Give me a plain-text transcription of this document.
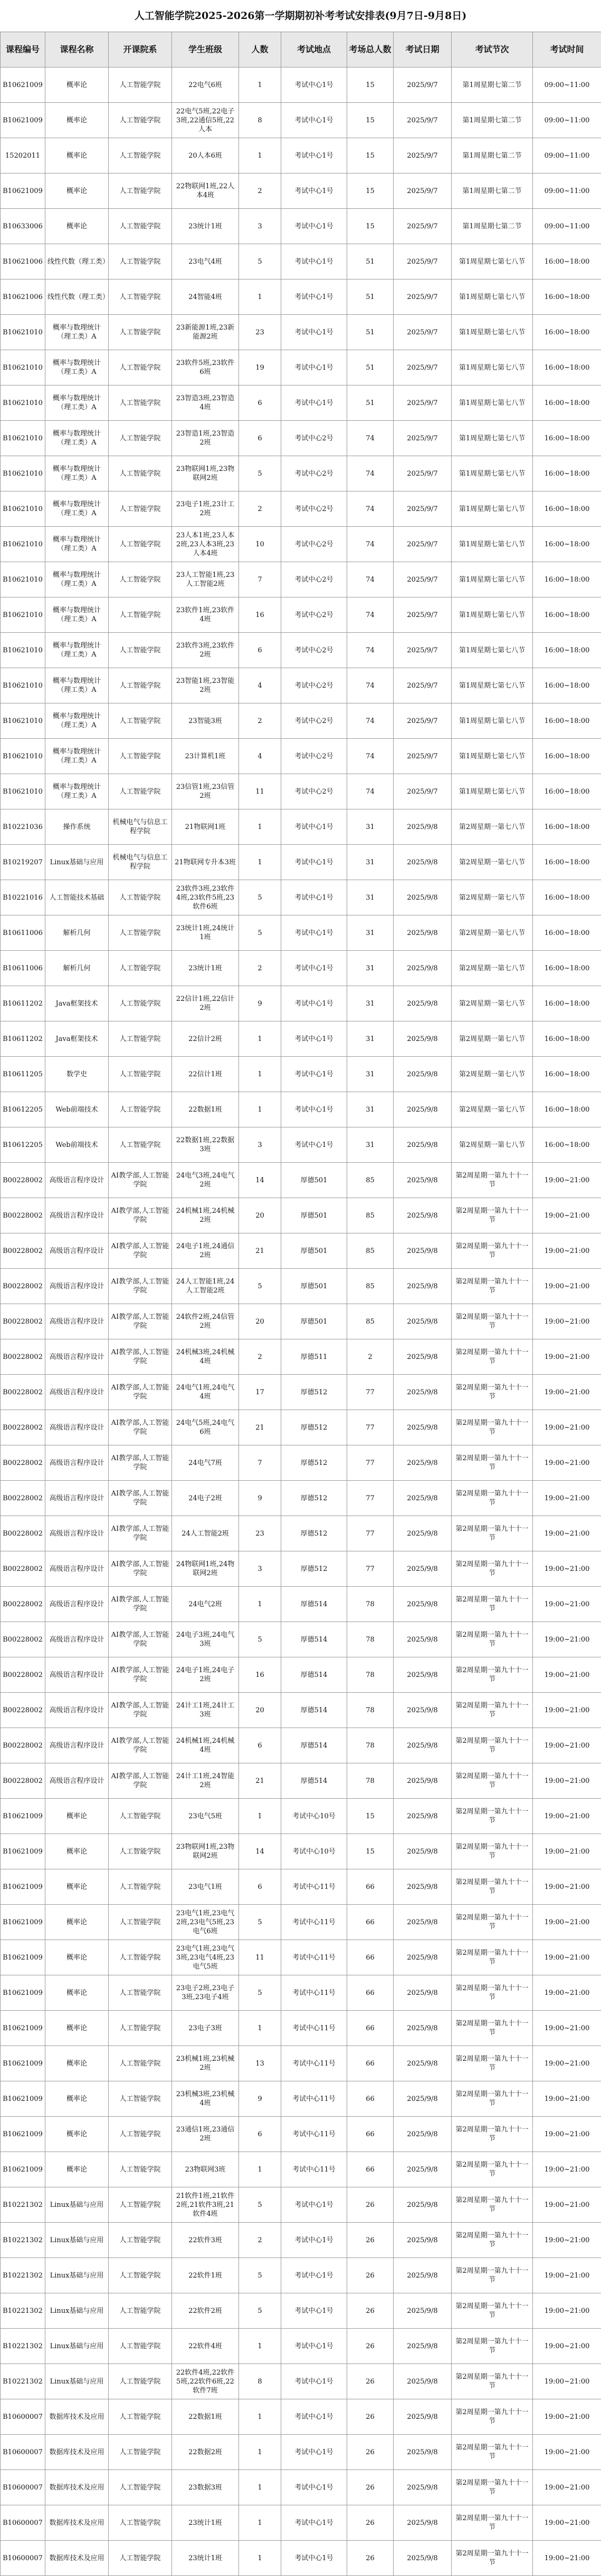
人工智能学院2025-2026第一学期期初补考考试安排表(9月7日-9月8日)
课程编号	课程名称	开课院系	学生班级	人数	考试地点	考场总人数	考试日期	考试节次	考试时间
B10621009	概率论	人工智能学院	22电气6班	1	考试中心1号	15	2025/9/7	第1周星期七第二节	09:00~11:00
B10621009	概率论	人工智能学院	22电气5班,22电子3班,22通信5班,22人本	8	考试中心1号	15	2025/9/7	第1周星期七第二节	09:00~11:00
15202011	概率论	人工智能学院	20人本6班	1	考试中心1号	15	2025/9/7	第1周星期七第二节	09:00~11:00
B10621009	概率论	人工智能学院	22物联网1班,22人本4班	2	考试中心1号	15	2025/9/7	第1周星期七第二节	09:00~11:00
B10633006	概率论	人工智能学院	23统计1班	3	考试中心1号	15	2025/9/7	第1周星期七第二节	09:00~11:00
B10621006	线性代数（理工类）	人工智能学院	23电气4班	5	考试中心1号	51	2025/9/7	第1周星期七第七八节	16:00~18:00
B10621006	线性代数（理工类）	人工智能学院	24智能4班	1	考试中心1号	51	2025/9/7	第1周星期七第七八节	16:00~18:00
B10621010	概率与数理统计（理工类）A	人工智能学院	23新能源1班,23新能源2班	23	考试中心1号	51	2025/9/7	第1周星期七第七八节	16:00~18:00
B10621010	概率与数理统计（理工类）A	人工智能学院	23软件5班,23软件6班	19	考试中心1号	51	2025/9/7	第1周星期七第七八节	16:00~18:00
B10621010	概率与数理统计（理工类）A	人工智能学院	23智造3班,23智造4班	6	考试中心1号	51	2025/9/7	第1周星期七第七八节	16:00~18:00
B10621010	概率与数理统计（理工类）A	人工智能学院	23智造1班,23智造2班	6	考试中心2号	74	2025/9/7	第1周星期七第七八节	16:00~18:00
B10621010	概率与数理统计（理工类）A	人工智能学院	23物联网1班,23物联网2班	5	考试中心2号	74	2025/9/7	第1周星期七第七八节	16:00~18:00
B10621010	概率与数理统计（理工类）A	人工智能学院	23电子1班,23计工2班	2	考试中心2号	74	2025/9/7	第1周星期七第七八节	16:00~18:00
B10621010	概率与数理统计（理工类）A	人工智能学院	23人本1班,23人本2班,23人本3班,23人本4班	10	考试中心2号	74	2025/9/7	第1周星期七第七八节	16:00~18:00
B10621010	概率与数理统计（理工类）A	人工智能学院	23人工智能1班,23人工智能2班	7	考试中心2号	74	2025/9/7	第1周星期七第七八节	16:00~18:00
B10621010	概率与数理统计（理工类）A	人工智能学院	23软件1班,23软件4班	16	考试中心2号	74	2025/9/7	第1周星期七第七八节	16:00~18:00
B10621010	概率与数理统计（理工类）A	人工智能学院	23软件3班,23软件2班	6	考试中心2号	74	2025/9/7	第1周星期七第七八节	16:00~18:00
B10621010	概率与数理统计（理工类）A	人工智能学院	23智能1班,23智能2班	4	考试中心2号	74	2025/9/7	第1周星期七第七八节	16:00~18:00
B10621010	概率与数理统计（理工类）A	人工智能学院	23智能3班	2	考试中心2号	74	2025/9/7	第1周星期七第七八节	16:00~18:00
B10621010	概率与数理统计（理工类）A	人工智能学院	23计算机1班	4	考试中心2号	74	2025/9/7	第1周星期七第七八节	16:00~18:00
B10621010	概率与数理统计（理工类）A	人工智能学院	23信管1班,23信管2班	11	考试中心2号	74	2025/9/7	第1周星期七第七八节	16:00~18:00
B10221036	操作系统	机械电气与信息工程学院	21物联网1班	1	考试中心1号	31	2025/9/8	第2周星期一第七八节	16:00~18:00
B10219207	Linux基础与应用	机械电气与信息工程学院	21物联网专升本3班	1	考试中心1号	31	2025/9/8	第2周星期一第七八节	16:00~18:00
B10221016	人工智能技术基础	人工智能学院	23软件3班,23软件4班,23软件5班,23软件6班	5	考试中心1号	31	2025/9/8	第2周星期一第七八节	16:00~18:00
B10611006	解析几何	人工智能学院	23统计1班,24统计1班	5	考试中心1号	31	2025/9/8	第2周星期一第七八节	16:00~18:00
B10611006	解析几何	人工智能学院	23统计1班	2	考试中心1号	31	2025/9/8	第2周星期一第七八节	16:00~18:00
B10611202	Java框架技术	人工智能学院	22信计1班,22信计2班	9	考试中心1号	31	2025/9/8	第2周星期一第七八节	16:00~18:00
B10611202	Java框架技术	人工智能学院	22信计2班	1	考试中心1号	31	2025/9/8	第2周星期一第七八节	16:00~18:00
B10611205	数学史	人工智能学院	22信计1班	1	考试中心1号	31	2025/9/8	第2周星期一第七八节	16:00~18:00
B10612205	Web前端技术	人工智能学院	22数据1班	1	考试中心1号	31	2025/9/8	第2周星期一第七八节	16:00~18:00
B10612205	Web前端技术	人工智能学院	22数据1班,22数据3班	3	考试中心1号	31	2025/9/8	第2周星期一第七八节	16:00~18:00
B00228002	高级语言程序设计	AI教学部,人工智能学院	24电气3班,24电气2班	14	厚德501	85	2025/9/8	第2周星期一第九十十一节	19:00~21:00
B00228002	高级语言程序设计	AI教学部,人工智能学院	24机械1班,24机械2班	20	厚德501	85	2025/9/8	第2周星期一第九十十一节	19:00~21:00
B00228002	高级语言程序设计	AI教学部,人工智能学院	24电子1班,24通信2班	21	厚德501	85	2025/9/8	第2周星期一第九十十一节	19:00~21:00
B00228002	高级语言程序设计	AI教学部,人工智能学院	24人工智能1班,24人工智能2班	5	厚德501	85	2025/9/8	第2周星期一第九十十一节	19:00~21:00
B00228002	高级语言程序设计	AI教学部,人工智能学院	24软件2班,24信管2班	20	厚德501	85	2025/9/8	第2周星期一第九十十一节	19:00~21:00
B00228002	高级语言程序设计	AI教学部,人工智能学院	24机械3班,24机械4班	2	厚德511	2	2025/9/8	第2周星期一第九十十一节	19:00~21:00
B00228002	高级语言程序设计	AI教学部,人工智能学院	24电气1班,24电气4班	17	厚德512	77	2025/9/8	第2周星期一第九十十一节	19:00~21:00
B00228002	高级语言程序设计	AI教学部,人工智能学院	24电气5班,24电气6班	21	厚德512	77	2025/9/8	第2周星期一第九十十一节	19:00~21:00
B00228002	高级语言程序设计	AI教学部,人工智能学院	24电气7班	7	厚德512	77	2025/9/8	第2周星期一第九十十一节	19:00~21:00
B00228002	高级语言程序设计	AI教学部,人工智能学院	24电子2班	9	厚德512	77	2025/9/8	第2周星期一第九十十一节	19:00~21:00
B00228002	高级语言程序设计	AI教学部,人工智能学院	24人工智能2班	23	厚德512	77	2025/9/8	第2周星期一第九十十一节	19:00~21:00
B00228002	高级语言程序设计	AI教学部,人工智能学院	24物联网1班,24物联网2班	3	厚德512	77	2025/9/8	第2周星期一第九十十一节	19:00~21:00
B00228002	高级语言程序设计	AI教学部,人工智能学院	24电气2班	1	厚德514	78	2025/9/8	第2周星期一第九十十一节	19:00~21:00
B00228002	高级语言程序设计	AI教学部,人工智能学院	24电子3班,24电气3班	5	厚德514	78	2025/9/8	第2周星期一第九十十一节	19:00~21:00
B00228002	高级语言程序设计	AI教学部,人工智能学院	24电子1班,24电子2班	16	厚德514	78	2025/9/8	第2周星期一第九十十一节	19:00~21:00
B00228002	高级语言程序设计	AI教学部,人工智能学院	24计工1班,24计工3班	20	厚德514	78	2025/9/8	第2周星期一第九十十一节	19:00~21:00
B00228002	高级语言程序设计	AI教学部,人工智能学院	24机械1班,24机械4班	6	厚德514	78	2025/9/8	第2周星期一第九十十一节	19:00~21:00
B00228002	高级语言程序设计	AI教学部,人工智能学院	24计工1班,24智能2班	21	厚德514	78	2025/9/8	第2周星期一第九十十一节	19:00~21:00
B10621009	概率论	人工智能学院	23电气5班	1	考试中心10号	15	2025/9/8	第2周星期一第九十十一节	19:00~21:00
B10621009	概率论	人工智能学院	23物联网1班,23物联网2班	14	考试中心10号	15	2025/9/8	第2周星期一第九十十一节	19:00~21:00
B10621009	概率论	人工智能学院	23电气1班	6	考试中心11号	66	2025/9/8	第2周星期一第九十十一节	19:00~21:00
B10621009	概率论	人工智能学院	23电气1班,23电气2班,23电气5班,23电气6班	5	考试中心11号	66	2025/9/8	第2周星期一第九十十一节	19:00~21:00
B10621009	概率论	人工智能学院	23电气1班,23电气3班,23电气4班,23电气5班	11	考试中心11号	66	2025/9/8	第2周星期一第九十十一节	19:00~21:00
B10621009	概率论	人工智能学院	23电子2班,23电子3班,23电子4班	5	考试中心11号	66	2025/9/8	第2周星期一第九十十一节	19:00~21:00
B10621009	概率论	人工智能学院	23电子3班	1	考试中心11号	66	2025/9/8	第2周星期一第九十十一节	19:00~21:00
B10621009	概率论	人工智能学院	23机械1班,23机械2班	13	考试中心11号	66	2025/9/8	第2周星期一第九十十一节	19:00~21:00
B10621009	概率论	人工智能学院	23机械3班,23机械4班	9	考试中心11号	66	2025/9/8	第2周星期一第九十十一节	19:00~21:00
B10621009	概率论	人工智能学院	23通信1班,23通信2班	6	考试中心11号	66	2025/9/8	第2周星期一第九十十一节	19:00~21:00
B10621009	概率论	人工智能学院	23物联网3班	1	考试中心11号	66	2025/9/8	第2周星期一第九十十一节	19:00~21:00
B10221302	Linux基础与应用	人工智能学院	21软件1班,21软件2班,21软件3班,21软件4班	5	考试中心1号	26	2025/9/8	第2周星期一第九十十一节	19:00~21:00
B10221302	Linux基础与应用	人工智能学院	22软件3班	2	考试中心1号	26	2025/9/8	第2周星期一第九十十一节	19:00~21:00
B10221302	Linux基础与应用	人工智能学院	22软件1班	5	考试中心1号	26	2025/9/8	第2周星期一第九十十一节	19:00~21:00
B10221302	Linux基础与应用	人工智能学院	22软件2班	5	考试中心1号	26	2025/9/8	第2周星期一第九十十一节	19:00~21:00
B10221302	Linux基础与应用	人工智能学院	22软件4班	1	考试中心1号	26	2025/9/8	第2周星期一第九十十一节	19:00~21:00
B10221302	Linux基础与应用	人工智能学院	22软件4班,22软件5班,22软件6班,22软件7班	8	考试中心1号	26	2025/9/8	第2周星期一第九十十一节	19:00~21:00
B10600007	数据库技术及应用	人工智能学院	22数据1班	1	考试中心1号	26	2025/9/8	第2周星期一第九十十一节	19:00~21:00
B10600007	数据库技术及应用	人工智能学院	22数据2班	1	考试中心1号	26	2025/9/8	第2周星期一第九十十一节	19:00~21:00
B10600007	数据库技术及应用	人工智能学院	23数据3班	1	考试中心1号	26	2025/9/8	第2周星期一第九十十一节	19:00~21:00
B10600007	数据库技术及应用	人工智能学院	23统计1班	1	考试中心1号	26	2025/9/8	第2周星期一第九十十一节	19:00~21:00
B10600007	数据库技术及应用	人工智能学院	23统计1班	1	考试中心1号	26	2025/9/8	第2周星期一第九十十一节	19:00~21:00
